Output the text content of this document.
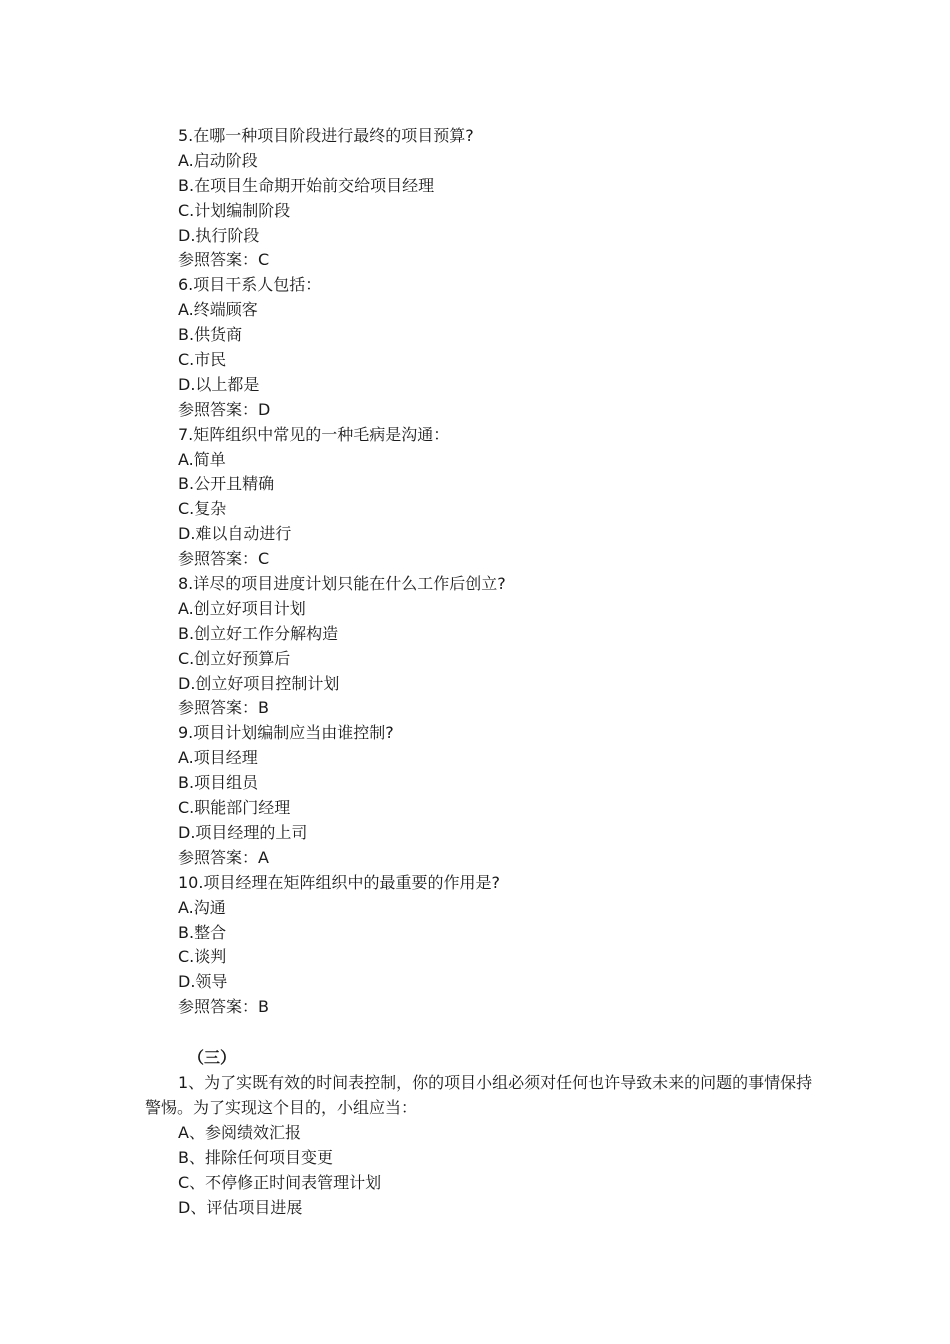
5.在哪一种项目阶段进行最终的项目预算?
A.启动阶段
B.在项目生命期开始前交给项目经理
C.计划编制阶段
D.执行阶段
参照答案：C
6.项目干系人包括：
A.终端顾客
B.供货商
C.市民
D.以上都是
参照答案：D
7.矩阵组织中常见的一种毛病是沟通：
A.简单
B.公开且精确
C.复杂
D.难以自动进行
参照答案：C
8.详尽的项目进度计划只能在什么工作后创立?
A.创立好项目计划
B.创立好工作分解构造
C.创立好预算后
D.创立好项目控制计划
参照答案：B
9.项目计划编制应当由谁控制?
A.项目经理
B.项目组员
C.职能部门经理
D.项目经理的上司
参照答案：A
10.项目经理在矩阵组织中的最重要的作用是?
A.沟通
B.整合
C.谈判
D.领导
参照答案：B
（三）

1、为了实既有效的时间表控制，你的项目小组必须对任何也许导致未来的问题的事情保持警惕。为了实现这个目的，小组应当：

A、参阅绩效汇报
B、排除任何项目变更
C、不停修正时间表管理计划
D、评估项目进展
